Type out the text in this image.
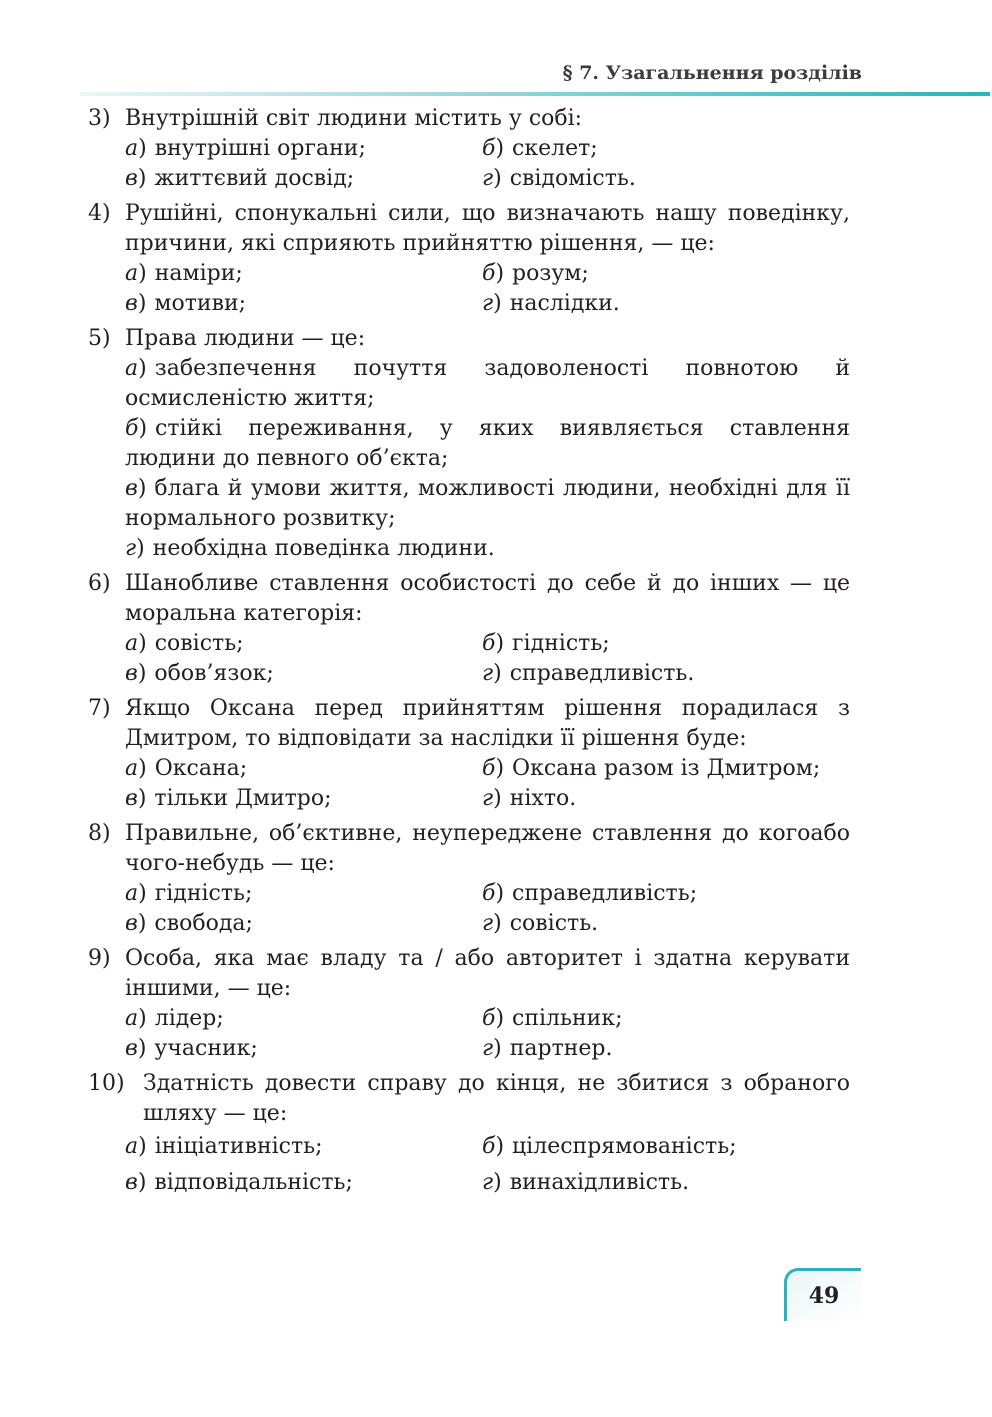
§ 7. Узагальнення розділів
3) Внутрішній світ людини містить у собі:
а) внутрішні органи;	б) скелет;
в) життєвий досвід;	г) свідомість.
4) Рушійні, спонукальні сили, що визначають нашу поведінку, причини, які сприяють прийняттю рішення, — це:
а) наміри;	б) розум;
в) мотиви;	г) наслідки.
5) Права людини — це:
а) забезпечення почуття задоволеності повнотою й осмисленістю життя;
б) стійкі переживання, у яких виявляється ставлення людини до певного об’єкта;
в) блага й умови життя, можливості людини, необхідні для її нормального розвитку;
г) необхідна поведінка людини.
6) Шанобливе ставлення особистості до себе й до інших — це моральна категорія:
а) совість;	б) гідність;
в) обов’язок;	г) справедливість.
7) Якщо Оксана перед прийняттям рішення порадилася з Дмитром, то відповідати за наслідки її рішення буде:
а) Оксана;	б) Оксана разом із Дмитром;
в) тільки Дмитро;	г) ніхто.
8) Правильне, об’єктивне, неупереджене ставлення до когоабо чого-небудь — це:
а) гідність;	б) справедливість;
в) свобода;	г) совість.
9) Особа, яка має владу та / або авторитет і здатна керувати іншими, — це:
а) лідер;	б) спільник;
в) учасник;	г) партнер.
10) Здатність довести справу до кінця, не збитися з обраного шляху — це:
а) ініціативність;	б) цілеспрямованість;
в) відповідальність;	г) винахідливість.
49
